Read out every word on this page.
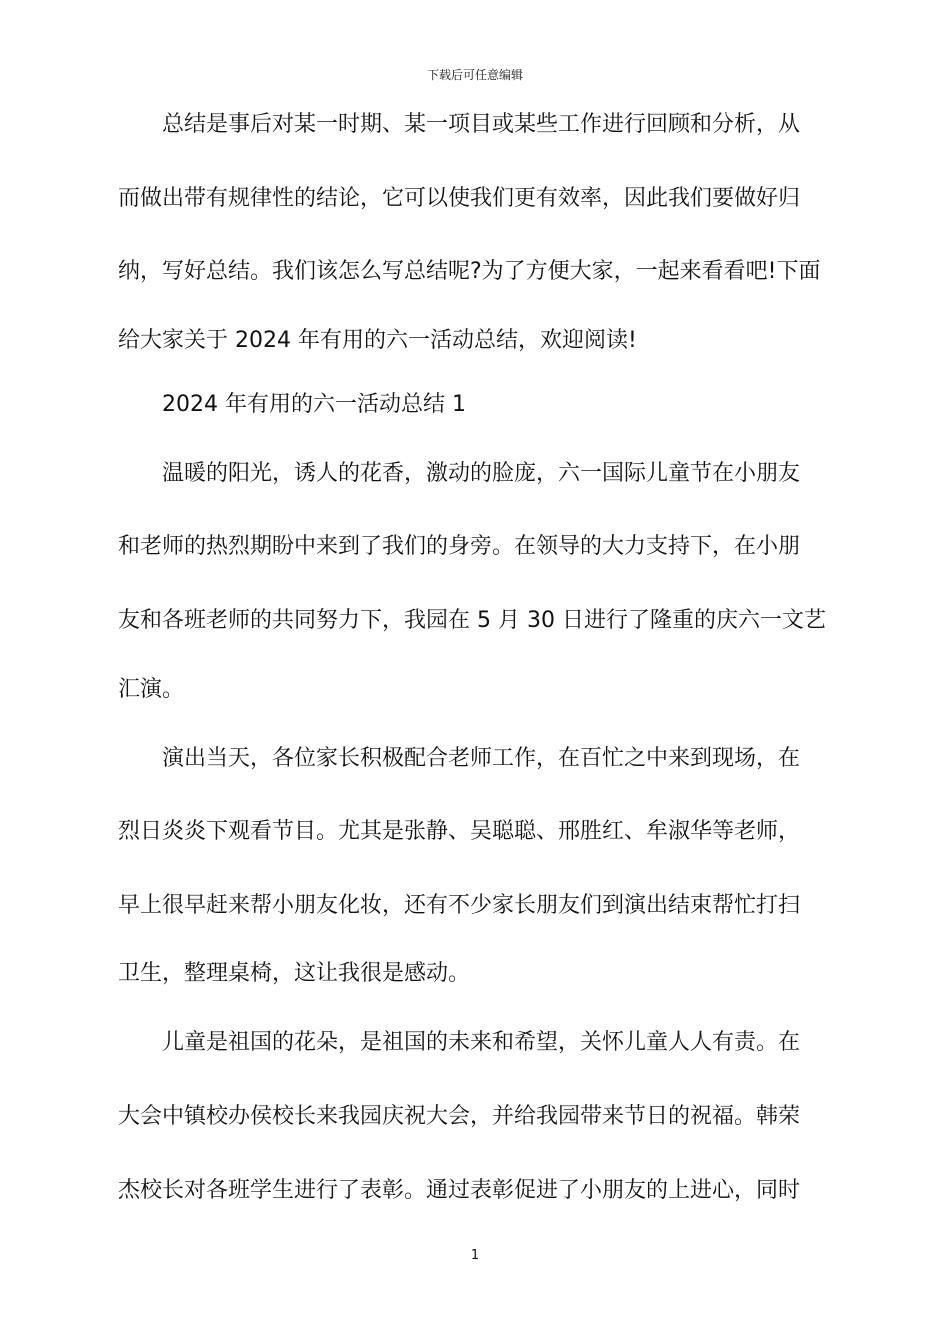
下载后可任意编辑
总结是事后对某一时期、某一项目或某些工作进行回顾和分析，从
而做出带有规律性的结论，它可以使我们更有效率，因此我们要做好归
纳，写好总结。我们该怎么写总结呢?为了方便大家，一起来看看吧!下面
给大家关于 2024 年有用的六一活动总结，欢迎阅读!
2024 年有用的六一活动总结 1
温暖的阳光，诱人的花香，激动的脸庞，六一国际儿童节在小朋友
和老师的热烈期盼中来到了我们的身旁。在领导的大力支持下，在小朋
友和各班老师的共同努力下，我园在 5 月 30 日进行了隆重的庆六一文艺
汇演。
演出当天，各位家长积极配合老师工作，在百忙之中来到现场，在
烈日炎炎下观看节目。尤其是张静、吴聪聪、邢胜红、牟淑华等老师，
早上很早赶来帮小朋友化妆，还有不少家长朋友们到演出结束帮忙打扫
卫生，整理桌椅，这让我很是感动。
儿童是祖国的花朵，是祖国的未来和希望，关怀儿童人人有责。在
大会中镇校办侯校长来我园庆祝大会，并给我园带来节日的祝福。韩荣
杰校长对各班学生进行了表彰。通过表彰促进了小朋友的上进心，同时
1
